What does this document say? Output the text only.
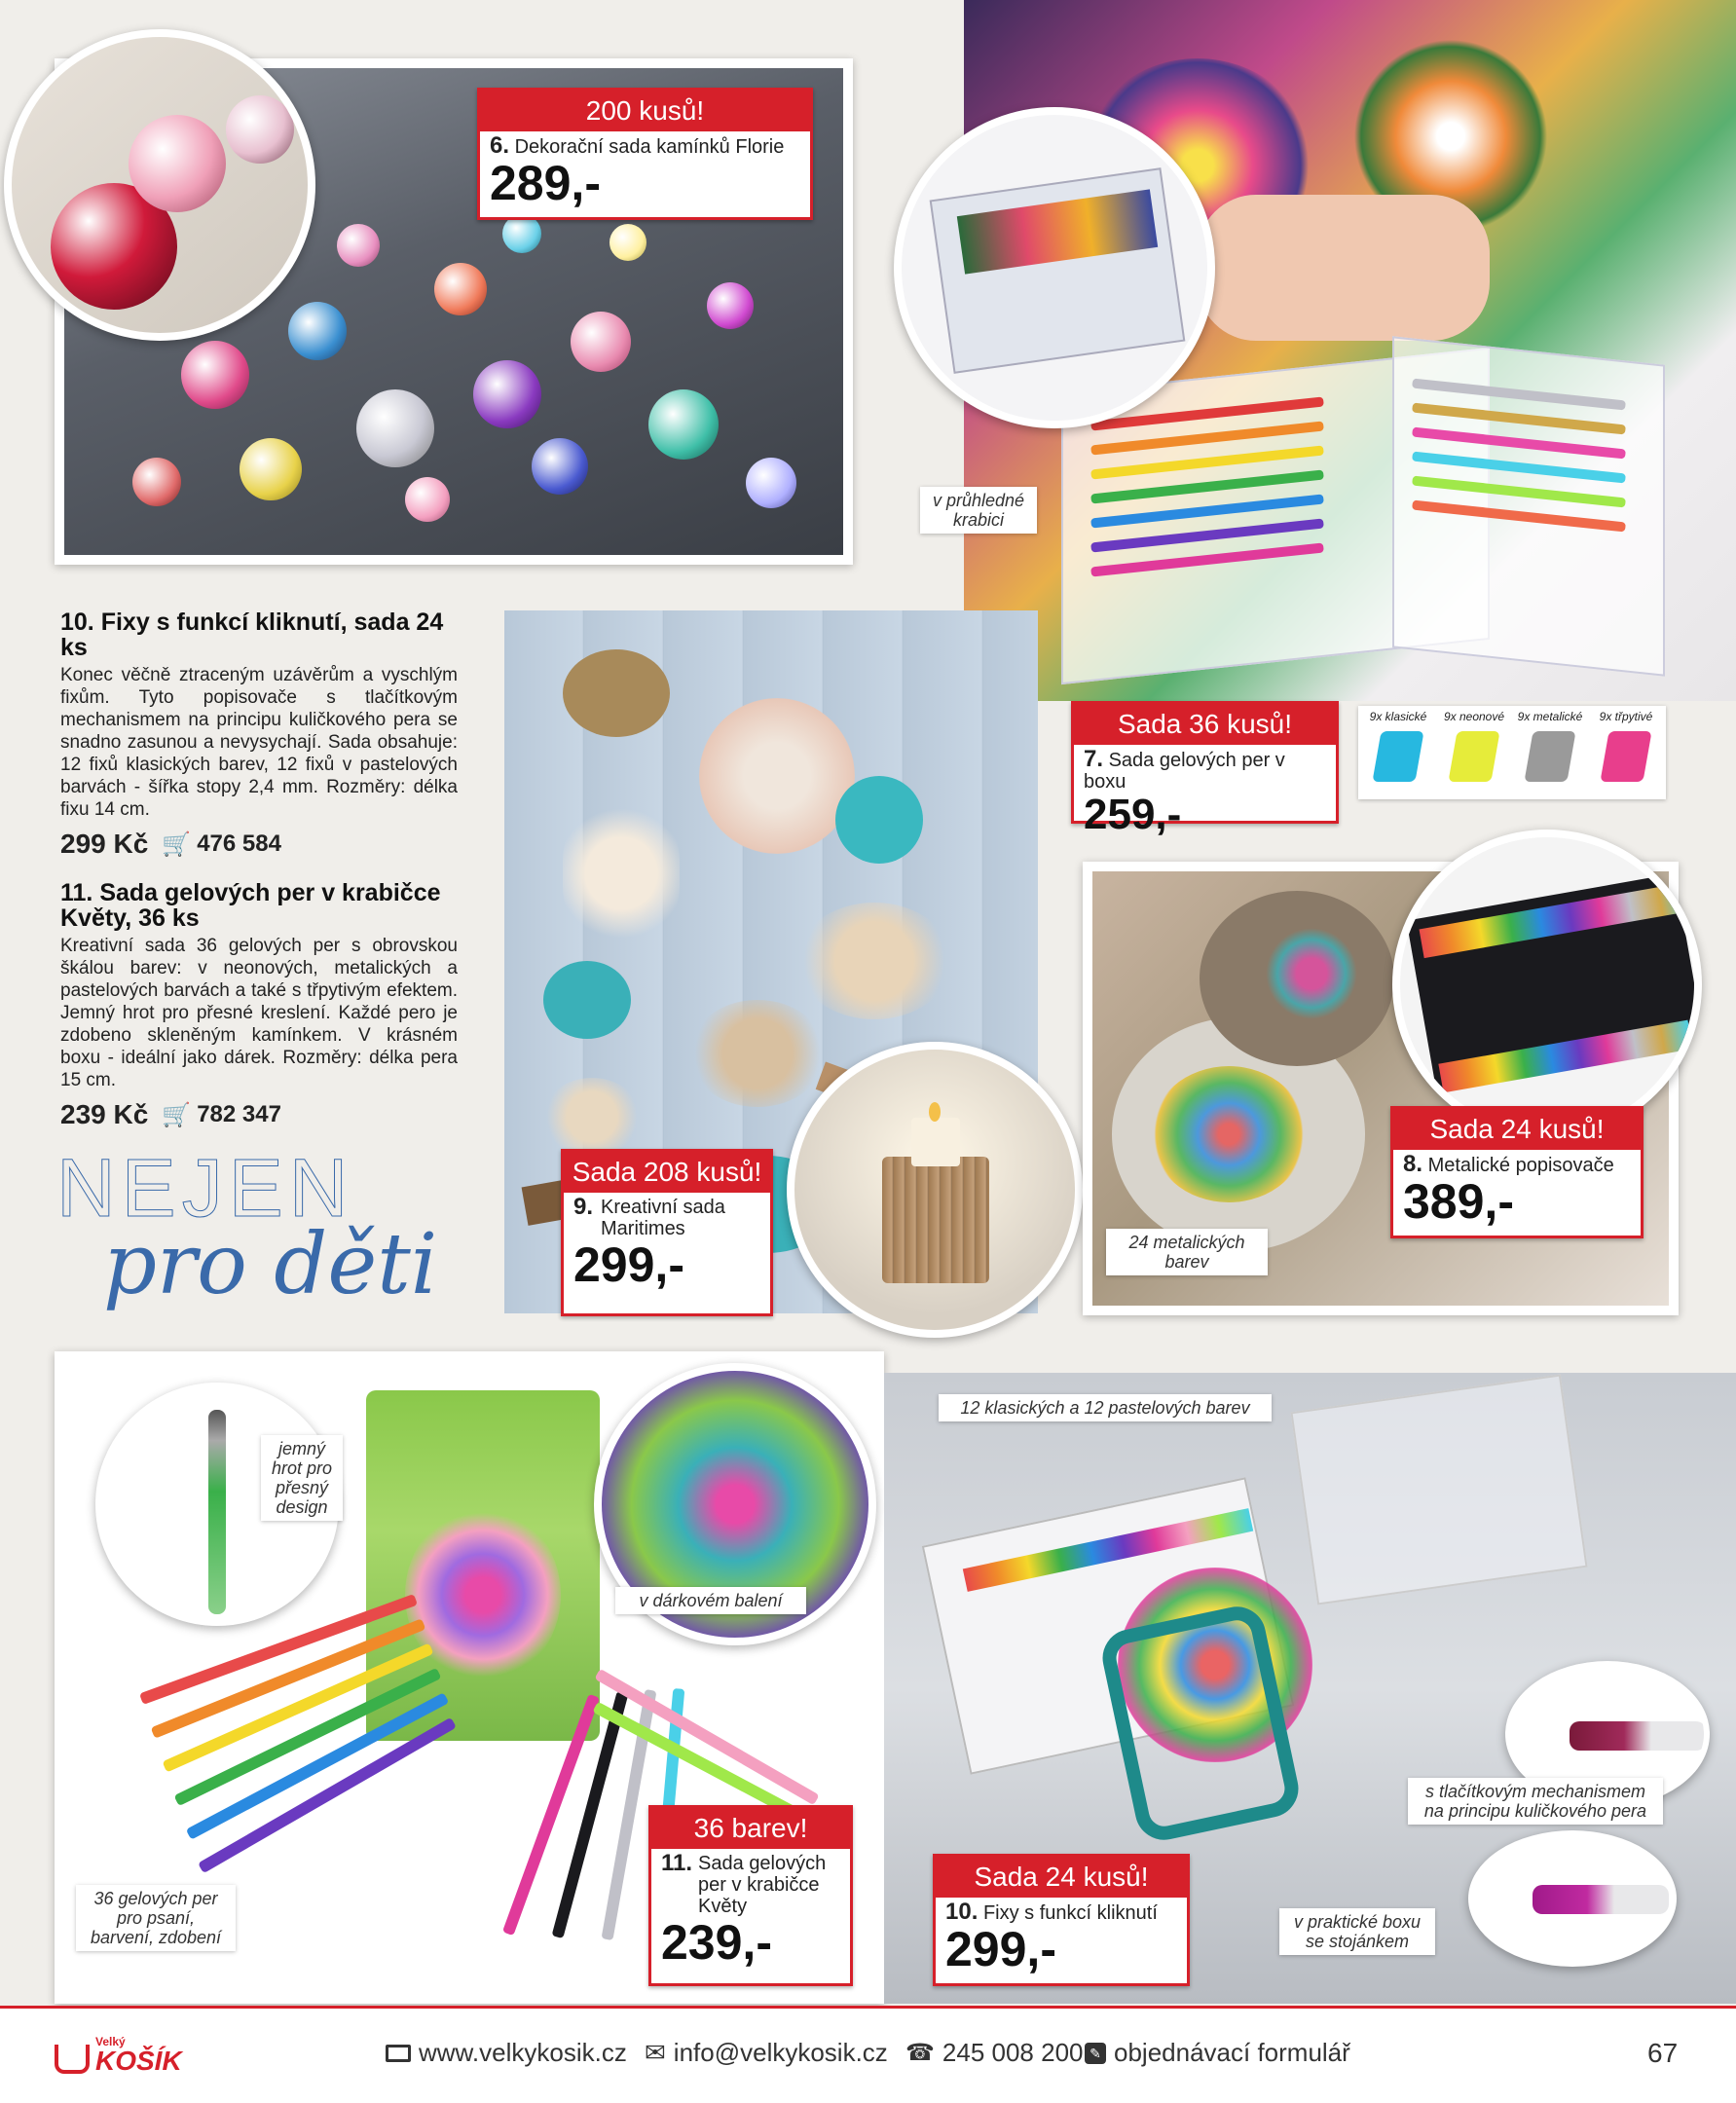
200 kusů!
6. Dekorační sada kamínků Florie
289,-
v průhledné krabici
Sada 36 kusů!
7. Sada gelových per v boxu
259,-
9x klasické	9x neonové	9x metalické	9x třpytivé
10. Fixy s funkcí kliknutí, sada 24 ks

Konec věčně ztraceným uzávěrům a vyschlým fixům. Tyto popisovače s tlačítkovým mechanismem na principu kuličkového pera se snadno zasunou a nevysychají. Sada obsahuje: 12 fixů klasických barev, 12 fixů v pastelových barvách - šířka stopy 2,4 mm. Rozměry: délka fixu 14 cm.

299 Kč 🛒 476 584
11. Sada gelových per v krabičce Květy, 36 ks

Kreativní sada 36 gelových per s obrovskou škálou barev: v neonových, metalických a pastelových barvách a také s třpytivým efektem. Jemný hrot pro přesné kreslení. Každé pero je zdobeno skleněným kamínkem. V krásném boxu - ideální jako dárek. Rozměry: délka pera 15 cm.

239 Kč 🛒 782 347
NEJEN
pro děti
Sada 208 kusů!
9. Kreativní sada Maritimes
299,-	24 metalických barev
Sada 24 kusů!
8. Metalické popisovače
389,-
jemný hrot pro přesný design
v dárkovém balení
36 gelových per pro psaní, barvení, zdobení
36 barev!
11. Sada gelových per v krabičce Květy
239,-
12 klasických a 12 pastelových barev
s tlačítkovým mechanismem na principu kuličkového pera
v praktické boxu se stojánkem
Sada 24 kusů!
10. Fixy s funkcí kliknutí
299,-
Velký
KOŠÍK	www.velkykosik.cz ✉ info@velkykosik.cz ☎ 245 008 200 ✎ objednávací formulář	67
